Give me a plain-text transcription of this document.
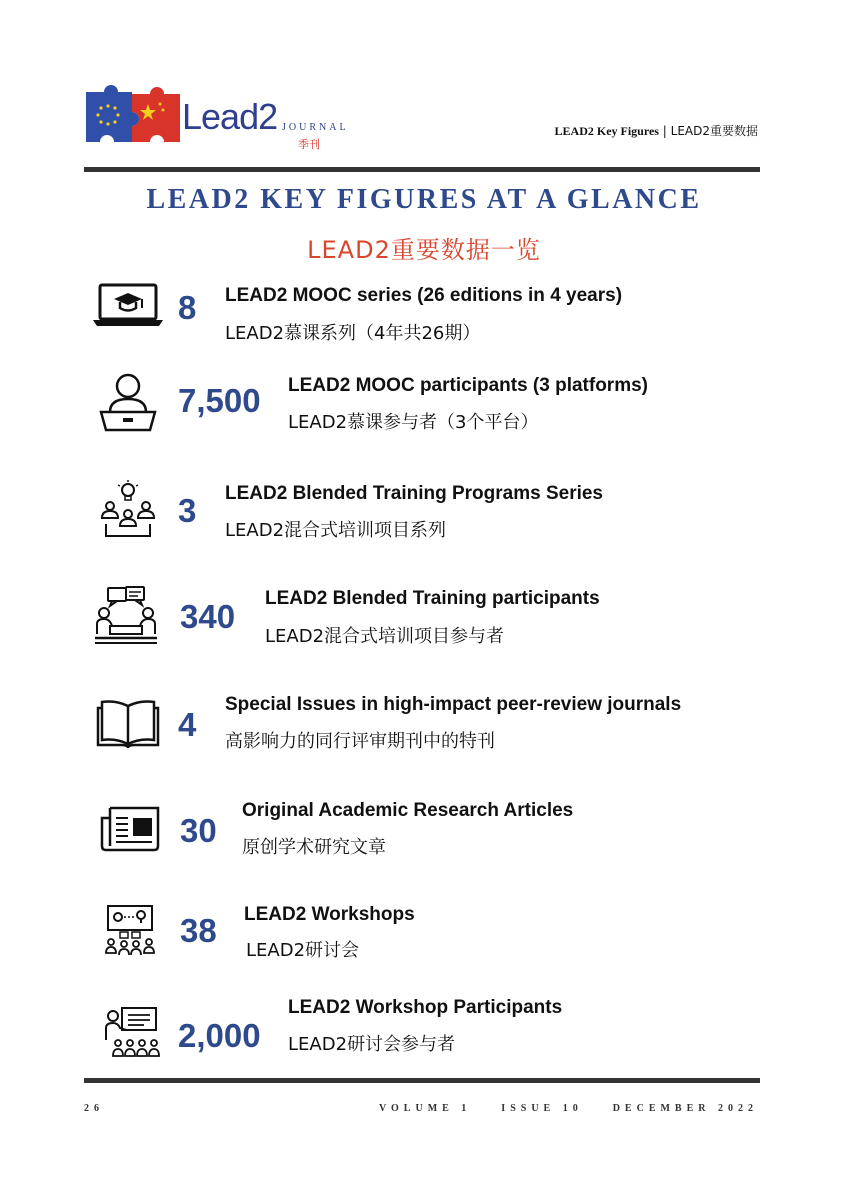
Lead2 JOURNAL
季刊
LEAD2 Key Figures | LEAD2重要数据
LEAD2 KEY FIGURES AT A GLANCE
LEAD2重要数据一览
8 LEAD2 MOOC series (26 editions in 4 years)
LEAD2慕课系列（4年共26期）
7,500 LEAD2 MOOC participants (3 platforms)
LEAD2慕课参与者（3个平台）
3 LEAD2 Blended Training Programs Series
LEAD2混合式培训项目系列
340 LEAD2 Blended Training participants
LEAD2混合式培训项目参与者
4
Special Issues in high-impact peer-review journals
高影响力的同行评审期刊中的特刊
30
Original Academic Research Articles
原创学术研究文章
38 LEAD2 Workshops
LEAD2研讨会
2,000
LEAD2 Workshop Participants
LEAD2研讨会参与者
26	VOLUME 1    ISSUE 10    DECEMBER 2022
